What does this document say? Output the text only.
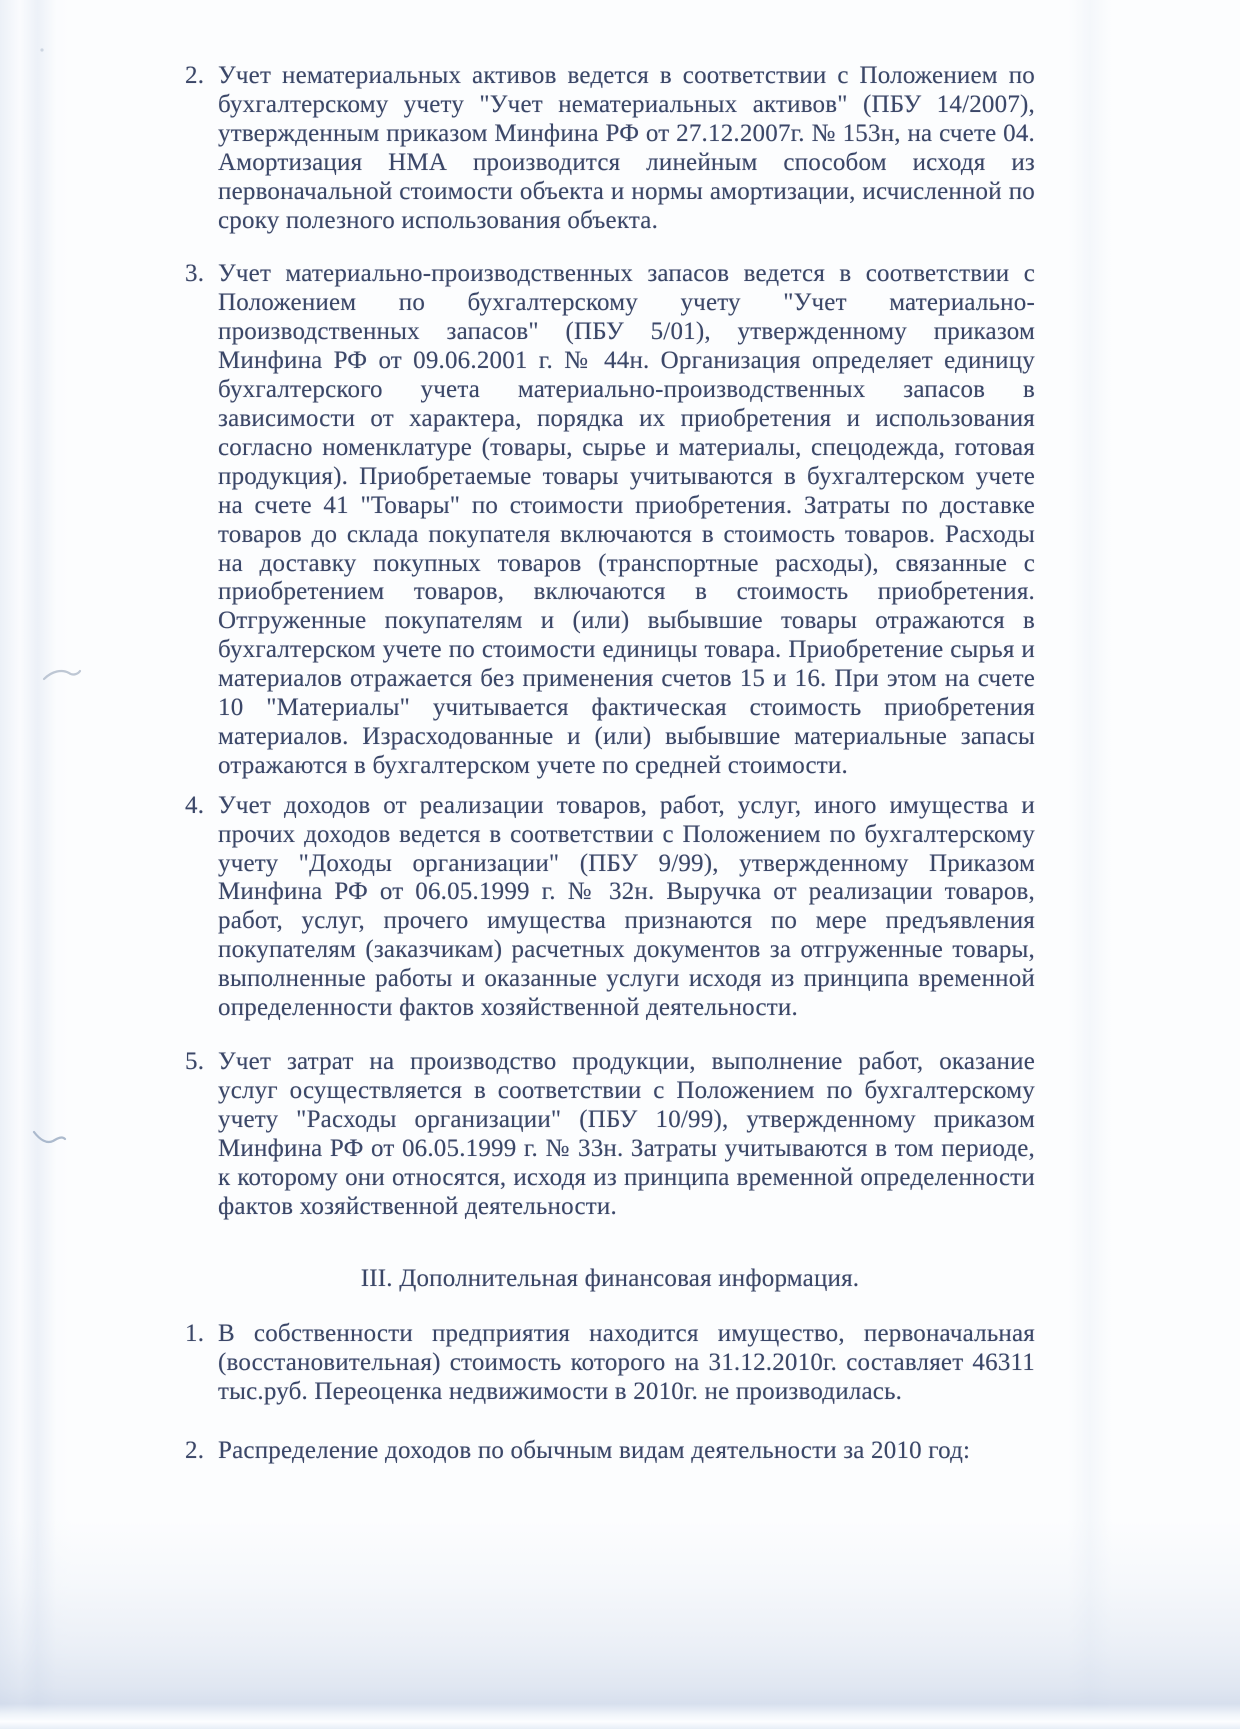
2. Учет нематериальных активов ведется в соответствии с Положением по бухгалтерскому учету "Учет нематериальных активов" (ПБУ 14/2007), утвержденным приказом Минфина РФ от 27.12.2007г. № 153н, на счете 04. Амортизация НМА производится линейным способом исходя из первоначальной стоимости объекта и нормы амортизации, исчисленной по сроку полезного использования объекта.
3. Учет материально-производственных запасов ведется в соответствии с Положением по бухгалтерскому учету "Учет материально-производственных запасов" (ПБУ 5/01), утвержденному приказом Минфина РФ от 09.06.2001 г. № 44н. Организация определяет единицу бухгалтерского учета материально-производственных запасов в зависимости от характера, порядка их приобретения и использования согласно номенклатуре (товары, сырье и материалы, спецодежда, готовая продукция). Приобретаемые товары учитываются в бухгалтерском учете на счете 41 "Товары" по стоимости приобретения. Затраты по доставке товаров до склада покупателя включаются в стоимость товаров. Расходы на доставку покупных товаров (транспортные расходы), связанные с приобретением товаров, включаются в стоимость приобретения. Отгруженные покупателям и (или) выбывшие товары отражаются в бухгалтерском учете по стоимости единицы товара. Приобретение сырья и материалов отражается без применения счетов 15 и 16. При этом на счете 10 "Материалы" учитывается фактическая стоимость приобретения материалов. Израсходованные и (или) выбывшие материальные запасы отражаются в бухгалтерском учете по средней стоимости.
4. Учет доходов от реализации товаров, работ, услуг, иного имущества и прочих доходов ведется в соответствии с Положением по бухгалтерскому учету "Доходы организации" (ПБУ 9/99), утвержденному Приказом Минфина РФ от 06.05.1999 г. № 32н. Выручка от реализации товаров, работ, услуг, прочего имущества признаются по мере предъявления покупателям (заказчикам) расчетных документов за отгруженные товары, выполненные работы и оказанные услуги исходя из принципа временной определенности фактов хозяйственной деятельности.
5. Учет затрат на производство продукции, выполнение работ, оказание услуг осуществляется в соответствии с Положением по бухгалтерскому учету "Расходы организации" (ПБУ 10/99), утвержденному приказом Минфина РФ от 06.05.1999 г. № 33н. Затраты учитываются в том периоде, к которому они относятся, исходя из принципа временной определенности фактов хозяйственной деятельности.
III. Дополнительная финансовая информация.
1. В собственности предприятия находится имущество, первоначальная (восстановительная) стоимость которого на 31.12.2010г. составляет 46311 тыс.руб. Переоценка недвижимости в 2010г. не производилась.
2. Распределение доходов по обычным видам деятельности за 2010 год:
